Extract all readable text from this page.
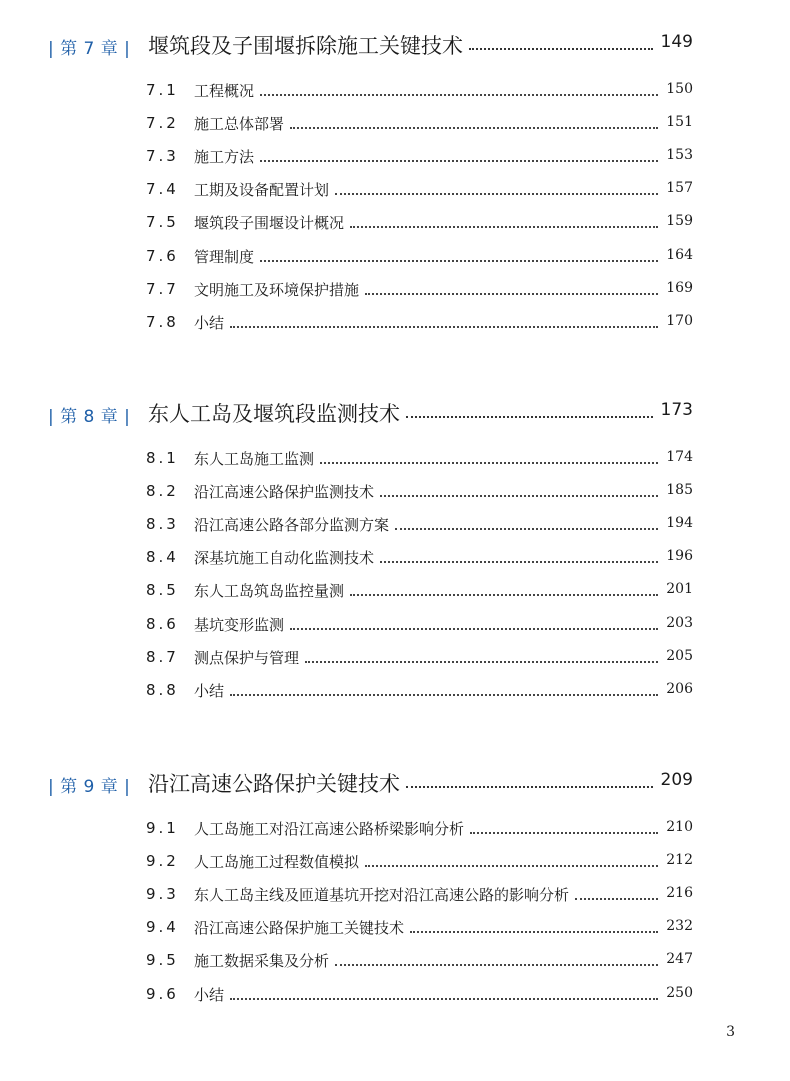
| 第 7 章 | 堰筑段及子围堰拆除施工关键技术	149
7.1 工程概况	150
7.2 施工总体部署	151
7.3 施工方法	153
7.4 工期及设备配置计划	157
7.5 堰筑段子围堰设计概况	159
7.6 管理制度	164
7.7 文明施工及环境保护措施	169
7.8 小结	170
| 第 8 章 | 东人工岛及堰筑段监测技术	173
8.1 东人工岛施工监测	174
8.2 沿江高速公路保护监测技术	185
8.3 沿江高速公路各部分监测方案	194
8.4 深基坑施工自动化监测技术	196
8.5 东人工岛筑岛监控量测	201
8.6 基坑变形监测	203
8.7 测点保护与管理	205
8.8 小结	206
| 第 9 章 | 沿江高速公路保护关键技术	209
9.1 人工岛施工对沿江高速公路桥梁影响分析	210
9.2 人工岛施工过程数值模拟	212
9.3 东人工岛主线及匝道基坑开挖对沿江高速公路的影响分析	216
9.4 沿江高速公路保护施工关键技术	232
9.5 施工数据采集及分析	247
9.6 小结	250
3
